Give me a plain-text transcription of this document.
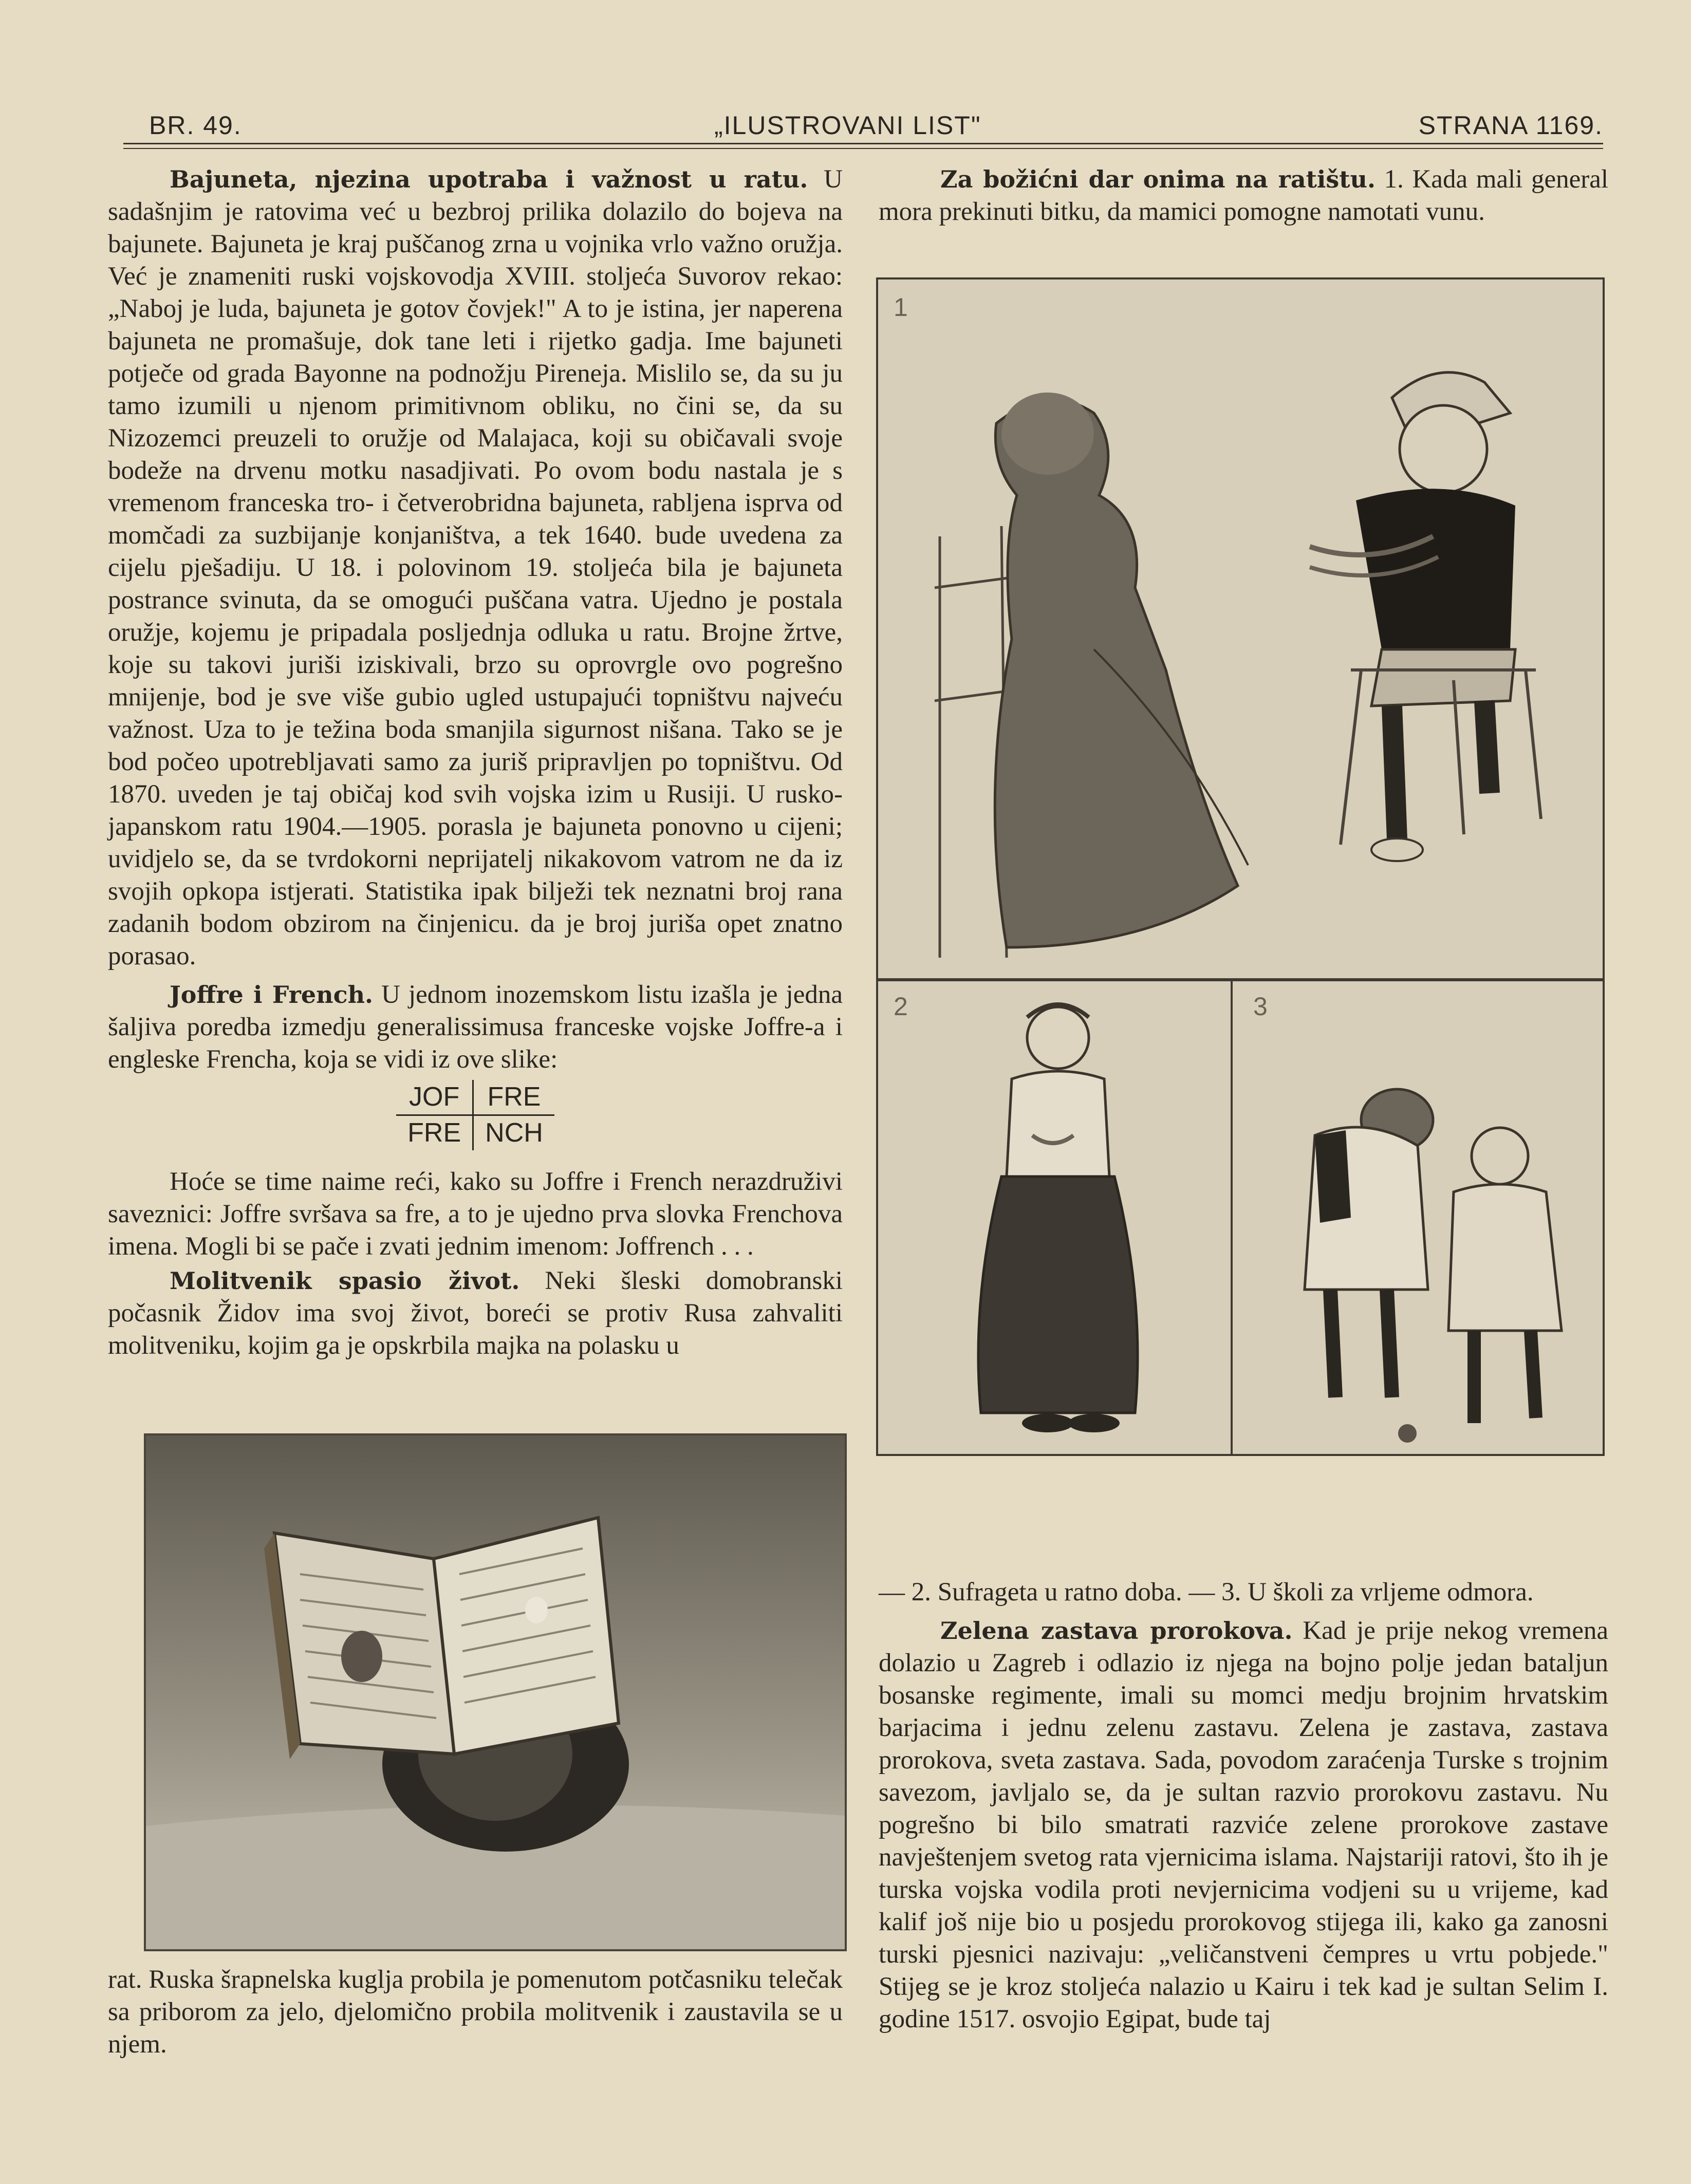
BR. 49.	„ILUSTROVANI LIST"	STRANA 1169.

Bajuneta, njezina upotraba i važnost u ratu. U sadašnjim je ratovima već u bezbroj prilika dolazilo do bojeva na bajunete. Bajuneta je kraj puščanog zrna u vojnika vrlo važno oružja. Već je znameniti ruski vojskovodja XVIII. stoljeća Suvorov rekao: „Naboj je luda, bajuneta je gotov čovjek!" A to je istina, jer naperena bajuneta ne promašuje, dok tane leti i rijetko gadja. Ime bajuneti potječe od grada Bayonne na podnožju Pireneja. Mislilo se, da su ju tamo izumili u njenom primitivnom obliku, no čini se, da su Nizozemci preuzeli to oružje od Malajaca, koji su običavali svoje bodeže na drvenu motku nasadjivati. Po ovom bodu nastala je s vremenom franceska tro- i četverobridna bajuneta, rabljena isprva od momčadi za suzbijanje konjaništva, a tek 1640. bude uvedena za cijelu pješadiju. U 18. i polovinom 19. stoljeća bila je bajuneta postrance svinuta, da se omogući puščana vatra. Ujedno je postala oružje, kojemu je pripadala posljednja odluka u ratu. Brojne žrtve, koje su takovi juriši iziskivali, brzo su oprovrgle ovo pogrešno mnijenje, bod je sve više gubio ugled ustupajući topništvu najveću važnost. Uza to je težina boda smanjila sigurnost nišana. Tako se je bod počeo upotrebljavati samo za juriš pripravljen po topništvu. Od 1870. uveden je taj običaj kod svih vojska izim u Rusiji. U rusko-japanskom ratu 1904.—1905. porasla je bajuneta ponovno u cijeni; uvidjelo se, da se tvrdokorni neprijatelj nikakovom vatrom ne da iz svojih opkopa istjerati. Statistika ipak bilježi tek neznatni broj rana zadanih bodom obzirom na činjenicu. da je broj juriša opet znatno porasao.

Joffre i French. U jednom inozemskom listu izašla je jedna šaljiva poredba izmedju generalissimusa franceske vojske Joffre-a i engleske Frencha, koja se vidi iz ove slike:

JOF	FRE
FRE	NCH

Hoće se time naime reći, kako su Joffre i French nerazdruživi saveznici: Joffre svršava sa fre, a to je ujedno prva slovka Frenchova imena. Mogli bi se pače i zvati jednim imenom: Joffrench . . .

Molitvenik spasio život. Neki šleski domobranski počasnik Židov ima svoj život, boreći se protiv Rusa zahvaliti molitveniku, kojim ga je opskrbila majka na polasku u

rat. Ruska šrapnelska kuglja probila je pomenutom potčasniku telečak sa priborom za jelo, djelomično probila molitvenik i zaustavila se u njem.

Za božićni dar onima na ratištu. 1. Kada mali general mora prekinuti bitku, da mamici pomogne namotati vunu.

1
2	3

— 2. Sufrageta u ratno doba. — 3. U školi za vrljeme odmora.

Zelena zastava prorokova. Kad je prije nekog vremena dolazio u Zagreb i odlazio iz njega na bojno polje jedan bataljun bosanske regimente, imali su momci medju brojnim hrvatskim barjacima i jednu zelenu zastavu. Zelena je zastava, zastava prorokova, sveta zastava. Sada, povodom zaraćenja Turske s trojnim savezom, javljalo se, da je sultan razvio prorokovu zastavu. Nu pogrešno bi bilo smatrati razviće zelene prorokove zastave navještenjem svetog rata vjernicima islama. Najstariji ratovi, što ih je turska vojska vodila proti nevjernicima vodjeni su u vrijeme, kad kalif još nije bio u posjedu prorokovog stijega ili, kako ga zanosni turski pjesnici nazivaju: „veličanstveni čempres u vrtu pobjede." Stijeg se je kroz stoljeća nalazio u Kairu i tek kad je sultan Selim I. godine 1517. osvojio Egipat, bude taj
